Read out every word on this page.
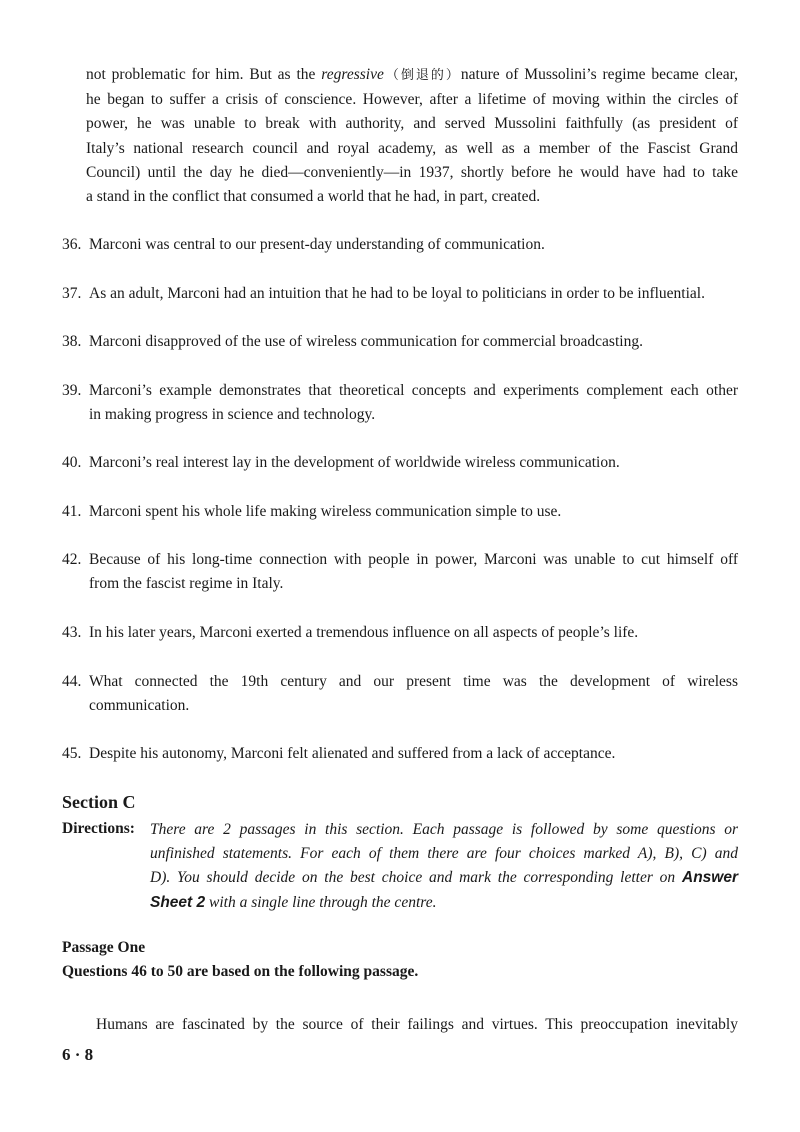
not problematic for him. But as the regressive（倒退的）nature of Mussolini’s regime became clear,
he began to suffer a crisis of conscience. However, after a lifetime of moving within the circles of
power, he was unable to break with authority, and served Mussolini faithfully (as president of
Italy’s national research council and royal academy, as well as a member of the Fascist Grand
Council) until the day he died—conveniently—in 1937, shortly before he would have had to take
a stand in the conflict that consumed a world that he had, in part, created.
36. Marconi was central to our present-day understanding of communication.
37. As an adult, Marconi had an intuition that he had to be loyal to politicians in order to be influential.
38. Marconi disapproved of the use of wireless communication for commercial broadcasting.
39. Marconi’s example demonstrates that theoretical concepts and experiments complement each other
in making progress in science and technology.
40. Marconi’s real interest lay in the development of worldwide wireless communication.
41. Marconi spent his whole life making wireless communication simple to use.
42. Because of his long-time connection with people in power, Marconi was unable to cut himself off
from the fascist regime in Italy.
43. In his later years, Marconi exerted a tremendous influence on all aspects of people’s life.
44. What connected the 19th century and our present time was the development of wireless
communication.
45. Despite his autonomy, Marconi felt alienated and suffered from a lack of acceptance.
Section C
Directions: There are 2 passages in this section. Each passage is followed by some questions or
unfinished statements. For each of them there are four choices marked A), B), C) and
D). You should decide on the best choice and mark the corresponding letter on Answer
Sheet 2 with a single line through the centre.
Passage One
Questions 46 to 50 are based on the following passage.
Humans are fascinated by the source of their failings and virtues. This preoccupation inevitably
6 · 8
